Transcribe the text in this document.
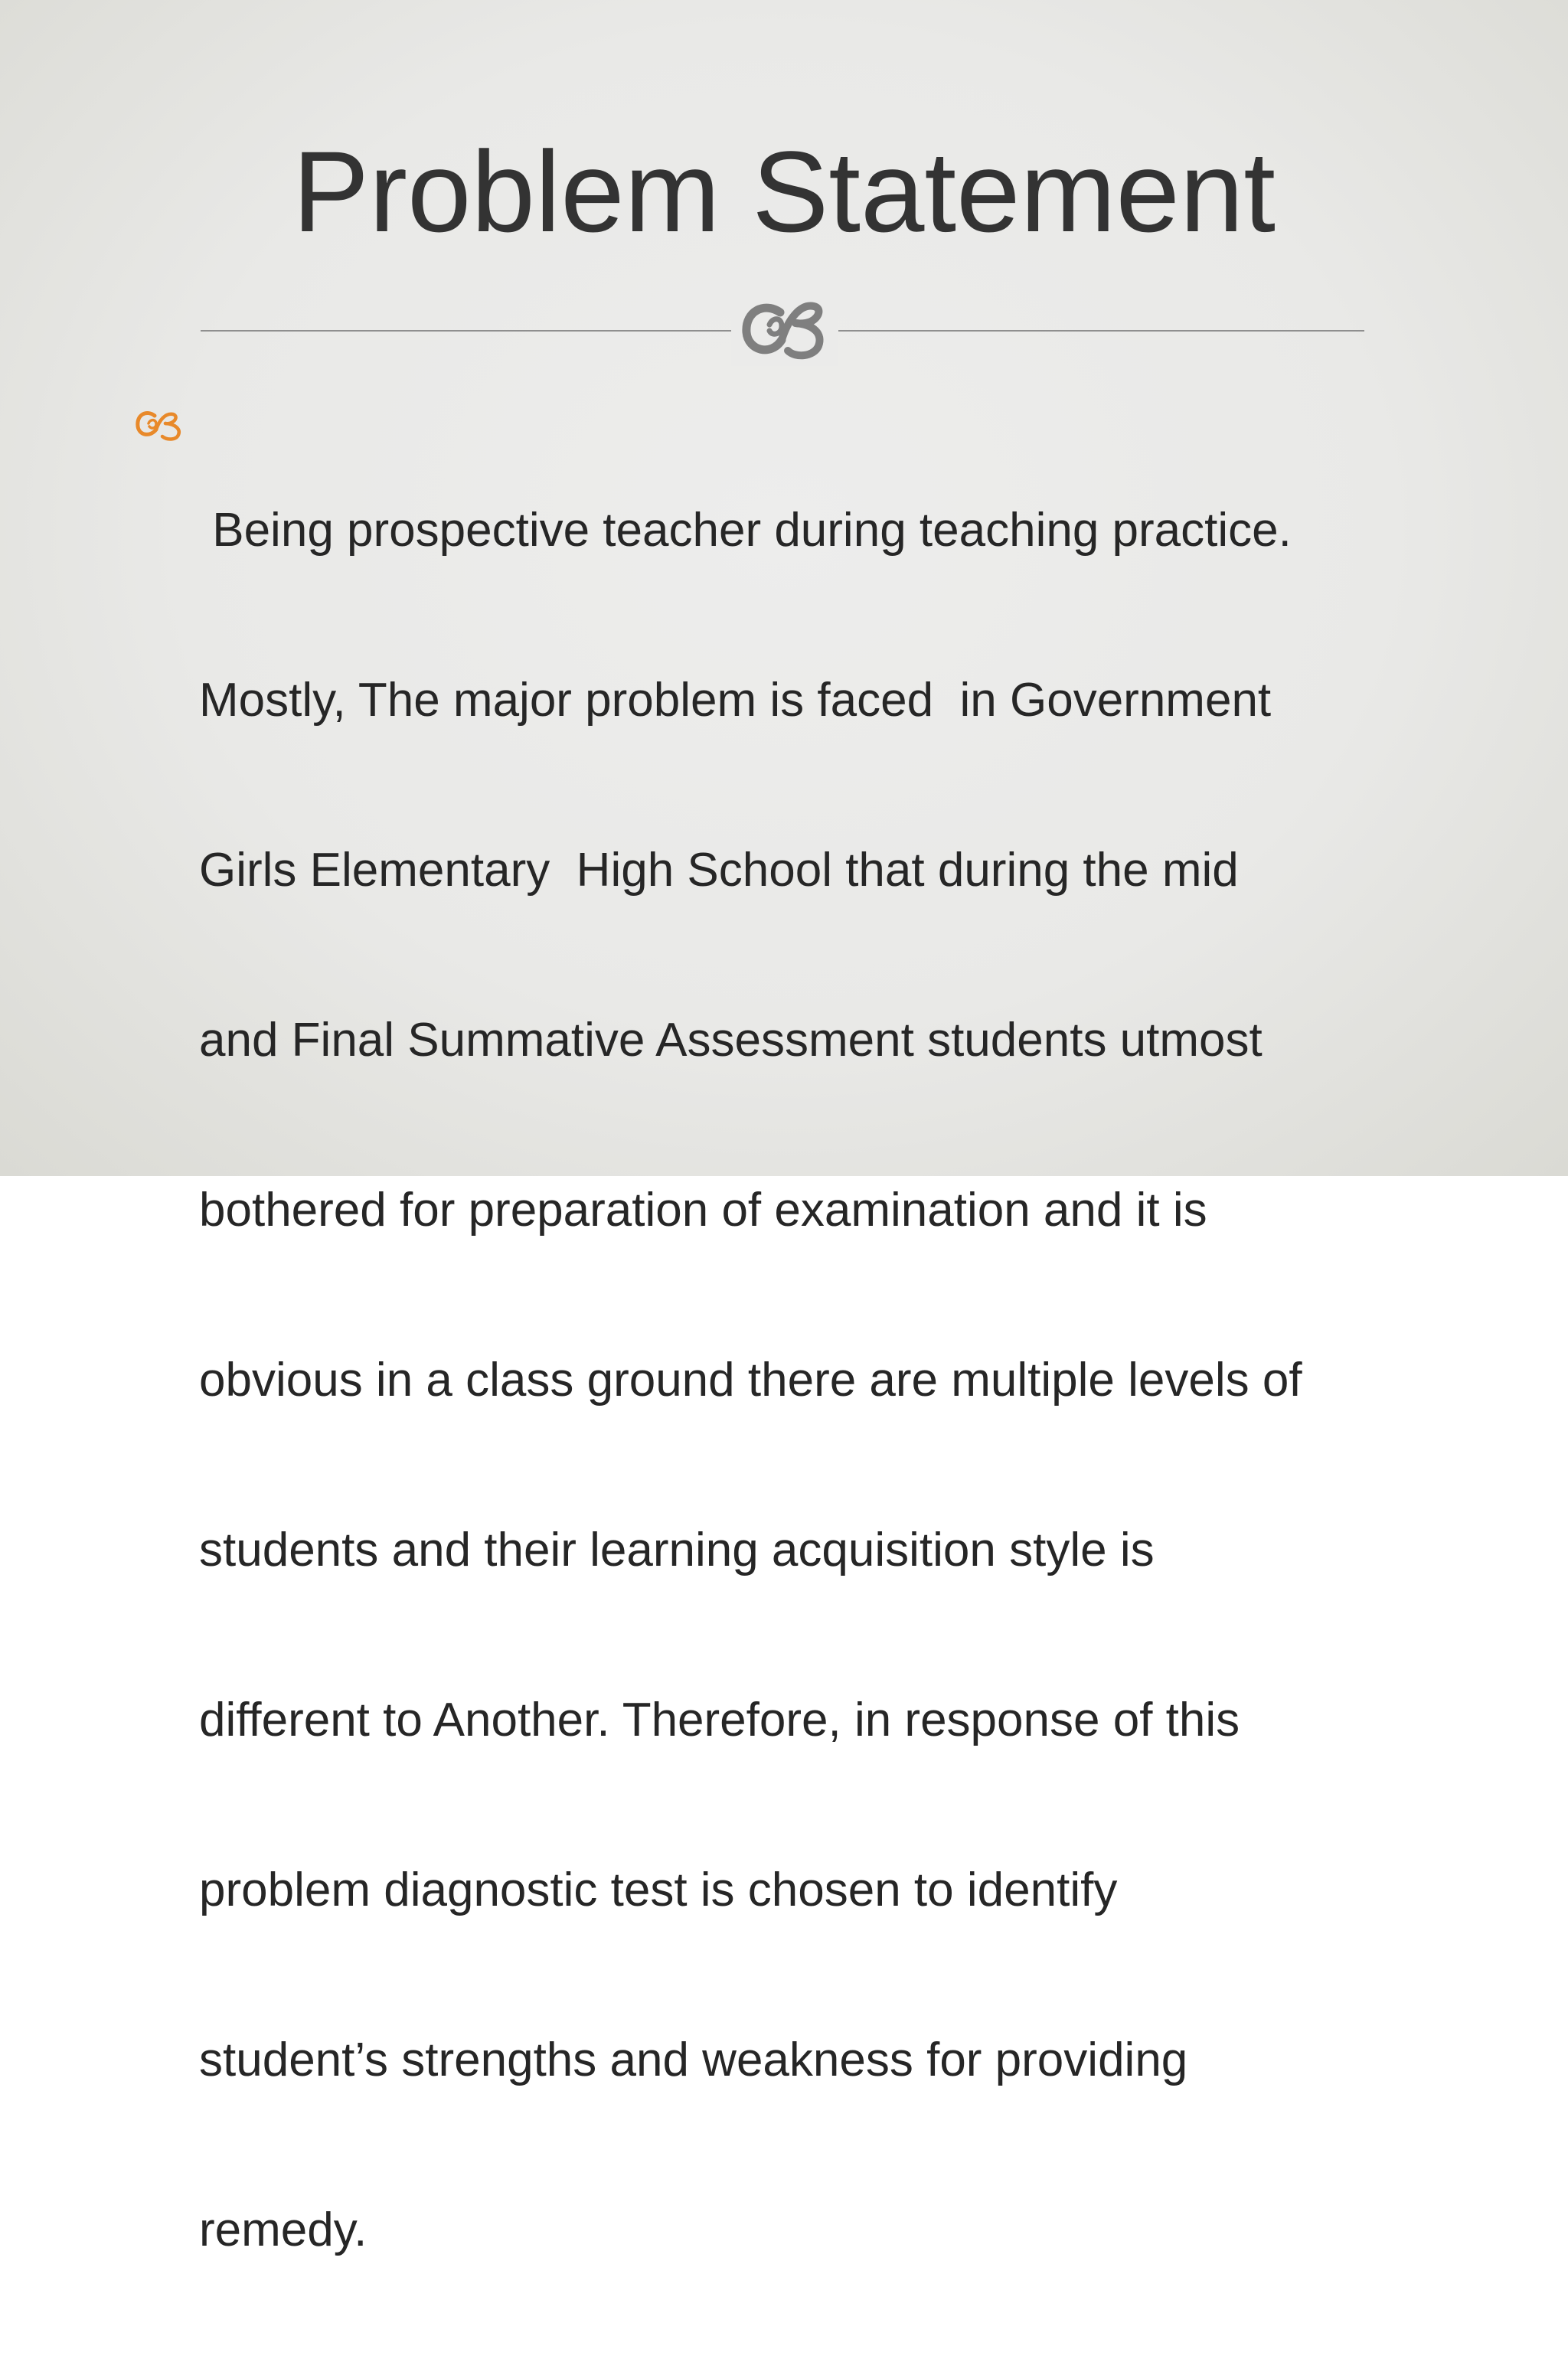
Problem Statement

Being prospective teacher during teaching practice.

Mostly, The major problem is faced  in Government

Girls Elementary  High School that during the mid

and Final Summative Assessment students utmost

bothered for preparation of examination and it is

obvious in a class ground there are multiple levels of

students and their learning acquisition style is

different to Another. Therefore, in response of this

problem diagnostic test is chosen to identify

student’s strengths and weakness for providing

remedy.
